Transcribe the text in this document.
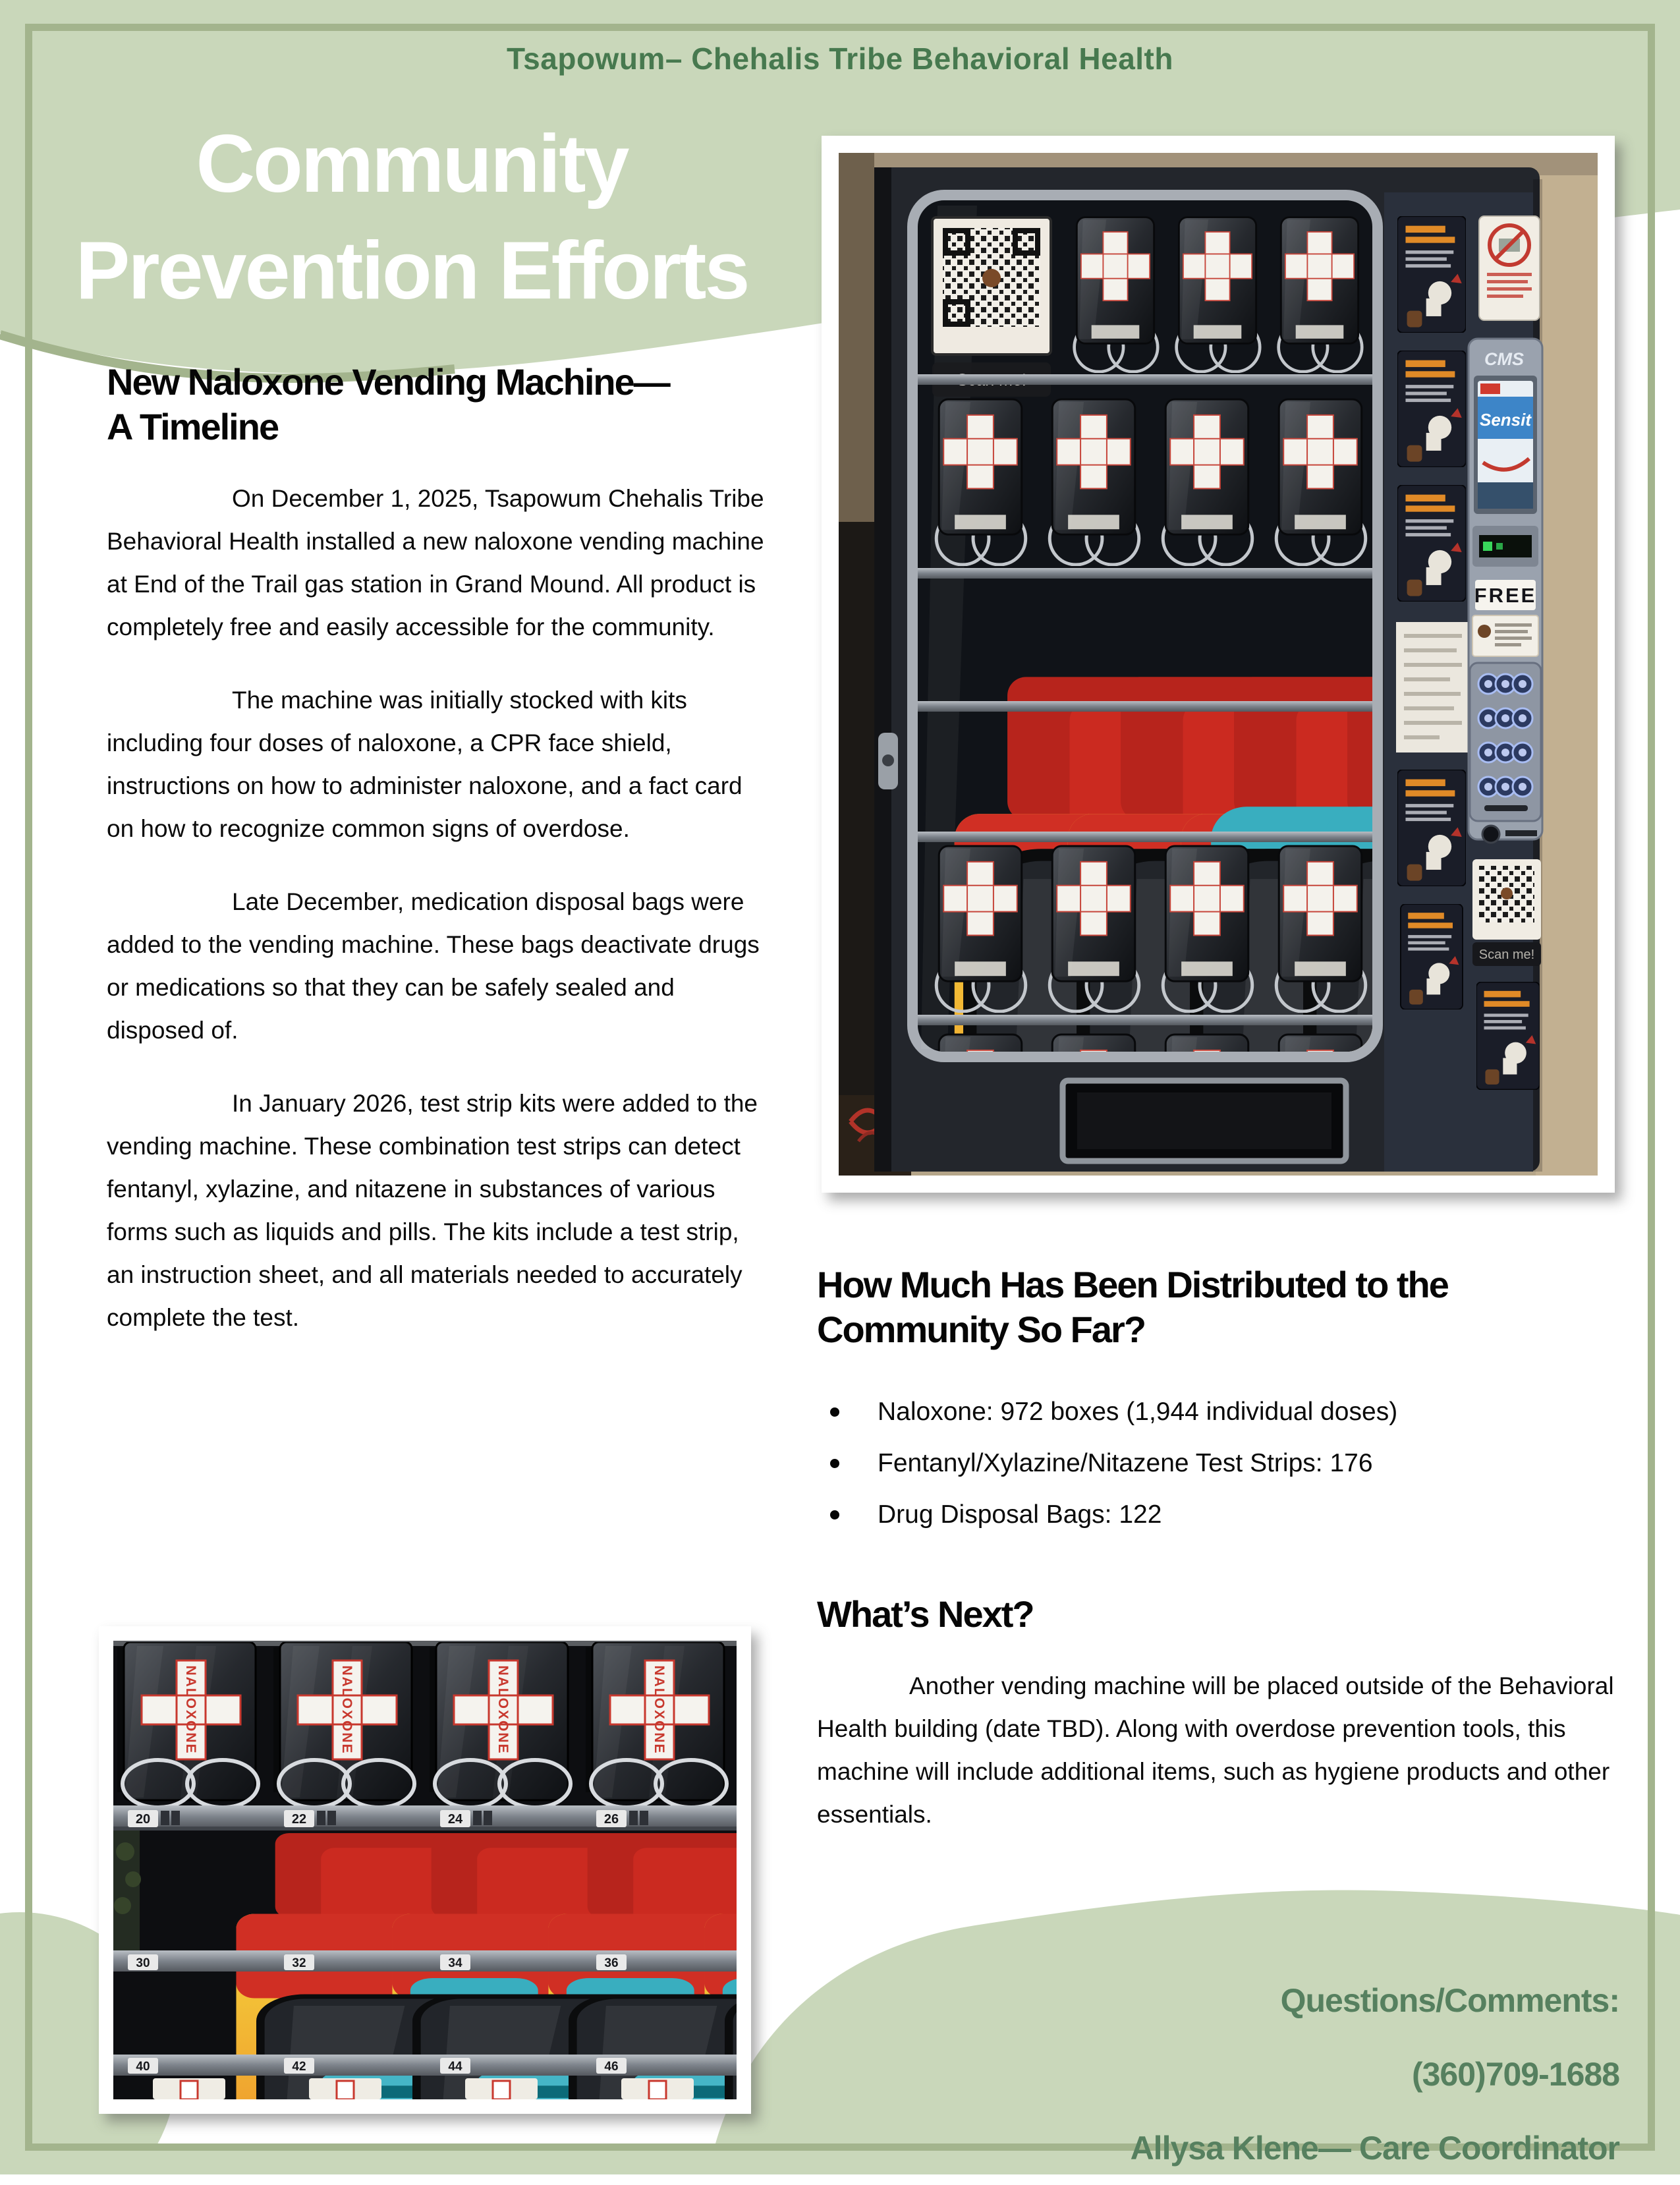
Tsapowum– Chehalis Tribe Behavioral Health
Community
Prevention Efforts
New Naloxone Vending Machine—
A Timeline

On December 1, 2025, Tsapowum Chehalis Tribe Behavioral Health installed a new naloxone vending machine at End of the Trail gas station in Grand Mound. All product is completely free and easily accessible for the community.

The machine was initially stocked with kits including four doses of naloxone, a CPR face shield, instructions on how to administer naloxone, and a fact card on how to recognize common signs of overdose.

Late December, medication disposal bags were added to the vending machine. These bags deactivate drugs or medications so that they can be safely sealed and disposed of.

In January 2026, test strip kits were added to the vending machine. These combination test strips can detect fentanyl, xylazine, and nitazene in substances of various forms such as liquids and pills. The kits include a test strip, an instruction sheet, and all materials needed to accurately complete the test.

CMS
Sensit
FREE
Scan me!
How Much Has Been Distributed to the Community So Far?
Naloxone: 972 boxes (1,944 individual doses)
Fentanyl/Xylazine/Nitazene Test Strips: 176
Drug Disposal Bags: 122
What’s Next?

Another vending machine will be placed outside of the Behavioral Health building (date TBD). Along with overdose prevention tools, this machine will include additional items, such as hygiene products and other essentials.

20	22	24	26
30	32	34	36
40	42	44	46
Questions/Comments:
(360)709-1688
Allysa Klene— Care Coordinator
